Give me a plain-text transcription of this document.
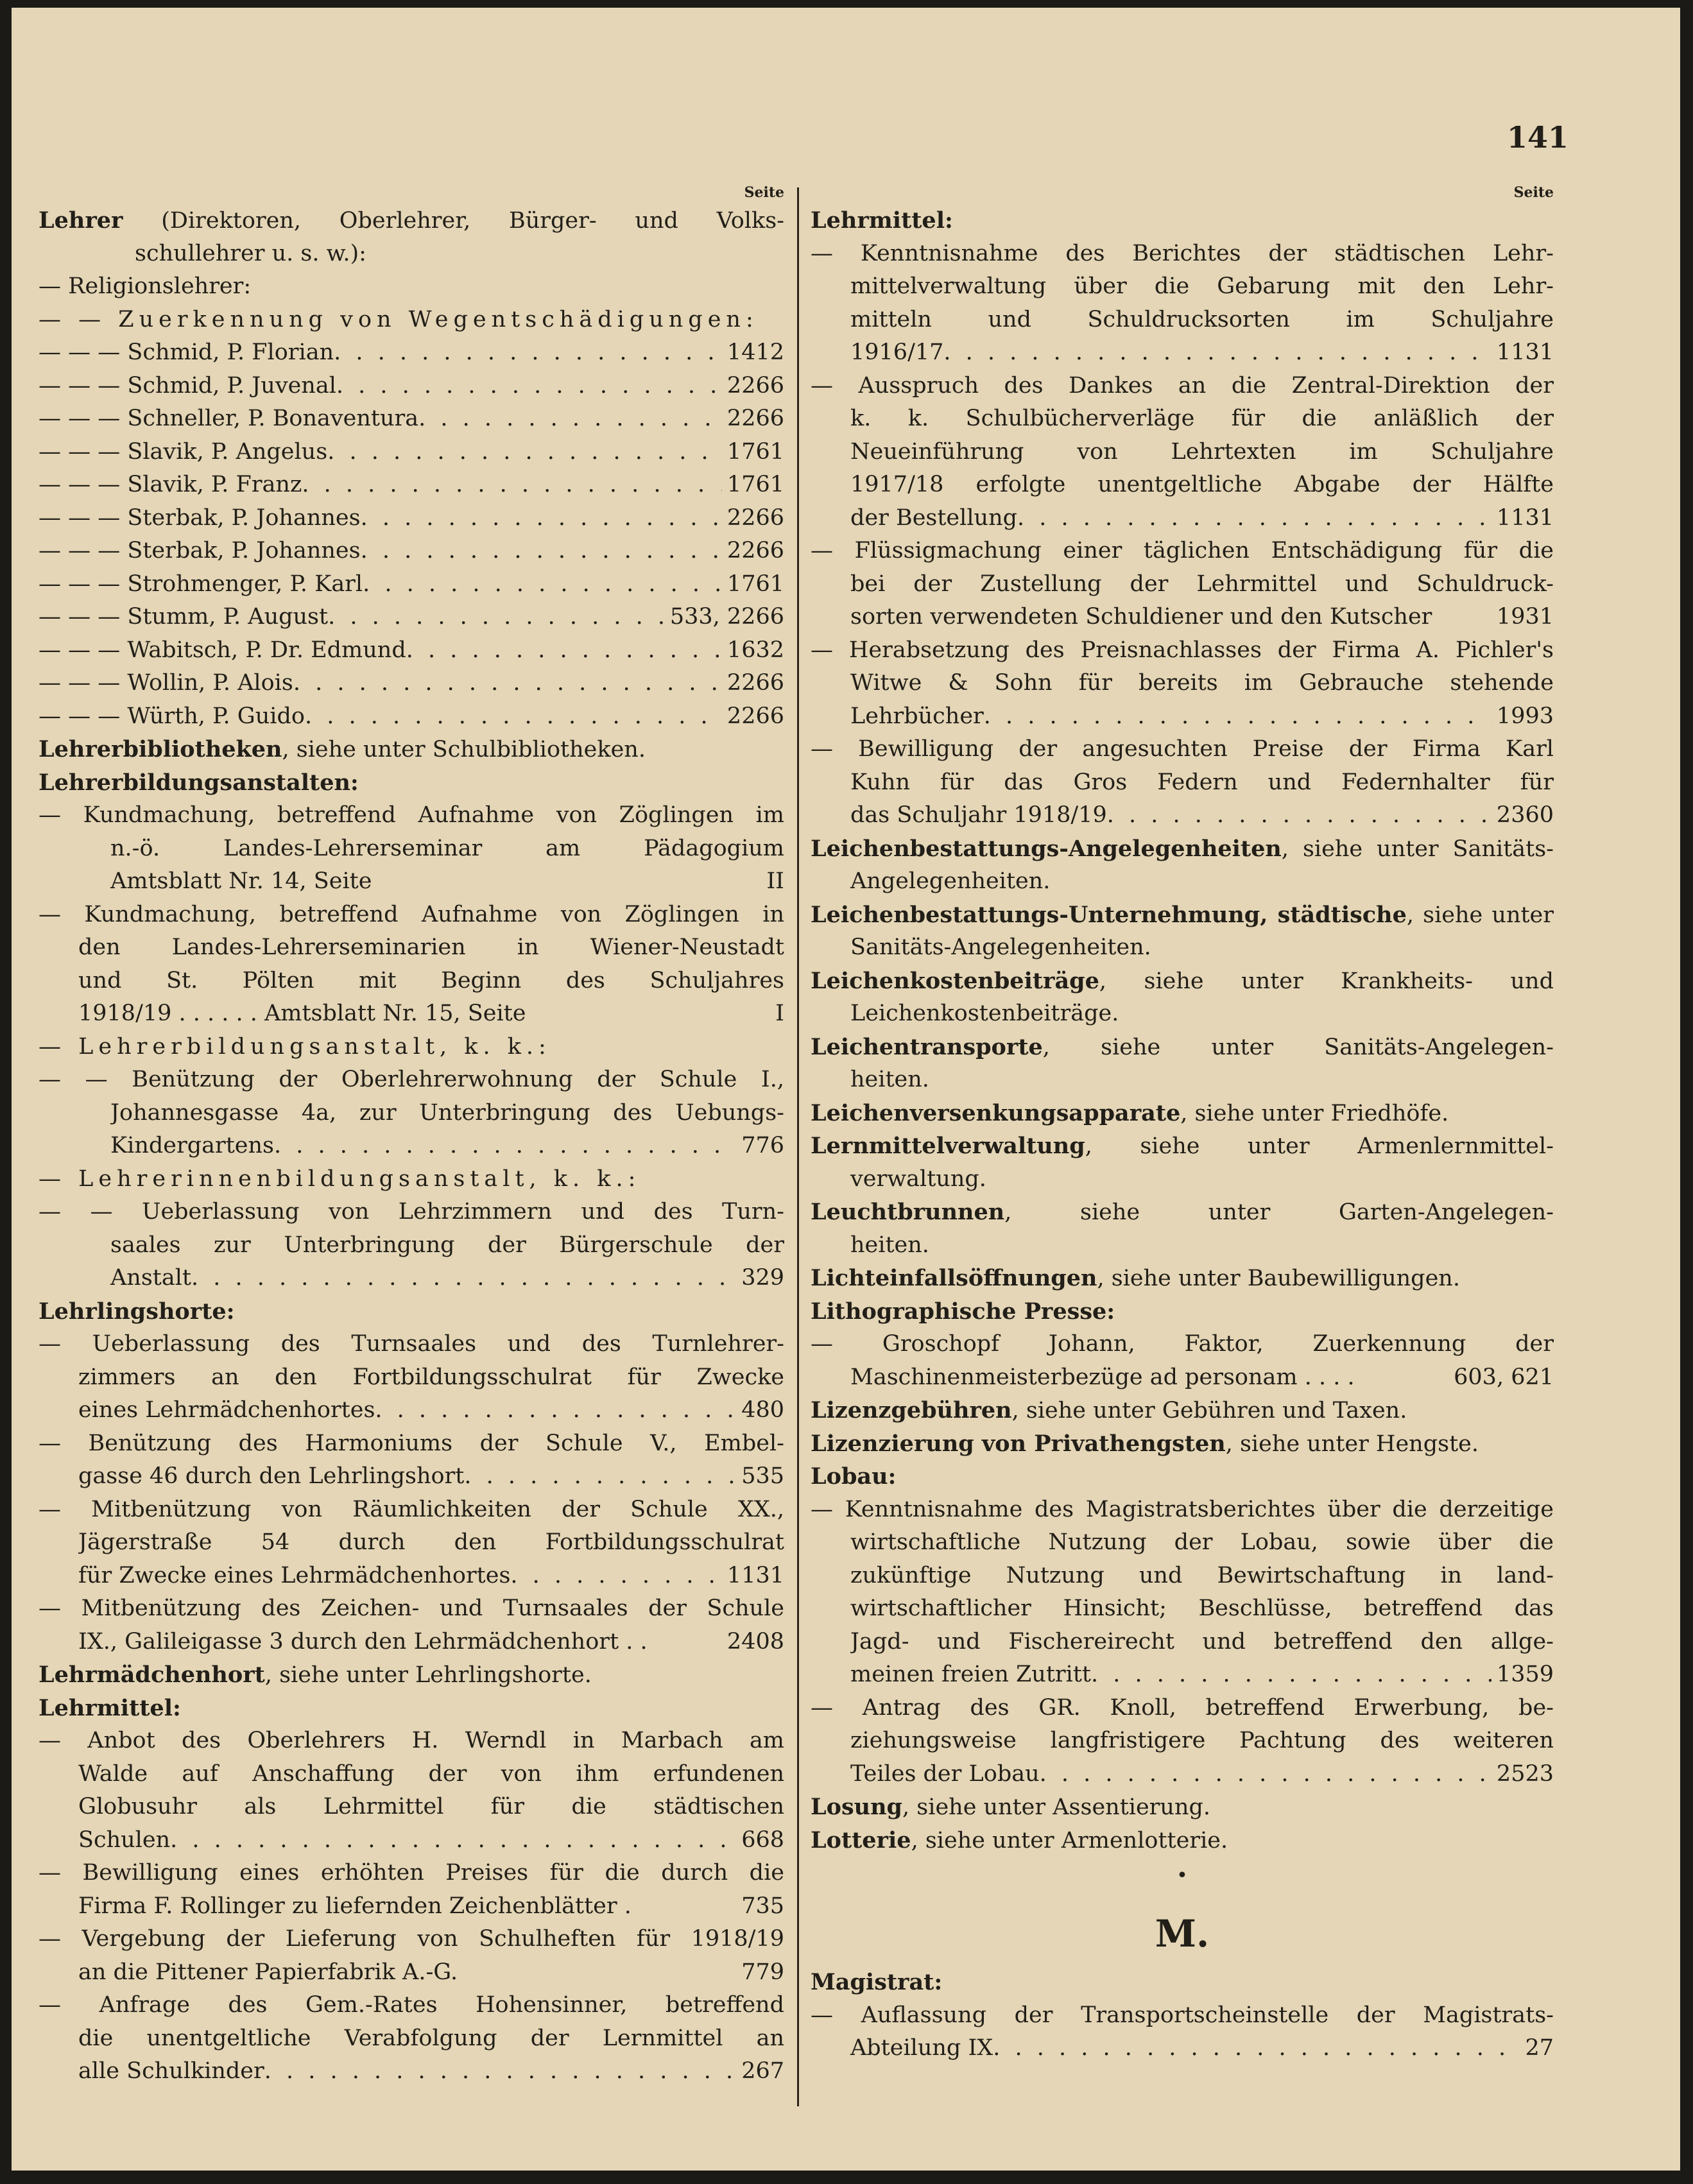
141
Seite
Lehrer (Direktoren, Oberlehrer, Bürger- und Volks-
schullehrer u. s. w.):
— Religionslehrer:
— — Zuerkennung von Wegentschädigungen:
— — — Schmid, P. Florian . . .	1412
— — — Schmid, P. Juvenal . . .	2266
— — — Schneller, P. Bonaventura . . .	2266
— — — Slavik, P. Angelus . . .	1761
— — — Slavik, P. Franz . . .	1761
— — — Sterbak, P. Johannes . . .	2266
— — — Sterbak, P. Johannes . . .	2266
— — — Strohmenger, P. Karl . . .	1761
— — — Stumm, P. August . . .	533, 2266
— — — Wabitsch, P. Dr. Edmund . . .	1632
— — — Wollin, P. Alois . . .	2266
— — — Würth, P. Guido . . .	2266
Lehrerbibliotheken, siehe unter Schulbibliotheken.
Lehrerbildungsanstalten:
— Kundmachung, betreffend Aufnahme von Zöglingen im
n.-ö. Landes-Lehrerseminar am Pädagogium
Amtsblatt Nr. 14, Seite	II
— Kundmachung, betreffend Aufnahme von Zöglingen in
den Landes-Lehrerseminarien in Wiener-Neustadt
und St. Pölten mit Beginn des Schuljahres
1918/19 . . . . . . Amtsblatt Nr. 15, Seite	I
— Lehrerbildungsanstalt, k. k.:
— — Benützung der Oberlehrerwohnung der Schule I.,
Johannesgasse 4a, zur Unterbringung des Uebungs-
Kindergartens . . .	776
— Lehrerinnenbildungsanstalt, k. k.:
— — Ueberlassung von Lehrzimmern und des Turn-
saales zur Unterbringung der Bürgerschule der
Anstalt . . .	329
Lehrlingshorte:
— Ueberlassung des Turnsaales und des Turnlehrer-
zimmers an den Fortbildungsschulrat für Zwecke
eines Lehrmädchenhortes . . .	480
— Benützung des Harmoniums der Schule V., Embel-
gasse 46 durch den Lehrlingshort . . .	535
— Mitbenützung von Räumlichkeiten der Schule XX.,
Jägerstraße 54 durch den Fortbildungsschulrat
für Zwecke eines Lehrmädchenhortes . . .	1131
— Mitbenützung des Zeichen- und Turnsaales der Schule
IX., Galileigasse 3 durch den Lehrmädchenhort . .	2408
Lehrmädchenhort, siehe unter Lehrlingshorte.
Lehrmittel:
— Anbot des Oberlehrers H. Werndl in Marbach am
Walde auf Anschaffung der von ihm erfundenen
Globusuhr als Lehrmittel für die städtischen
Schulen . . .	668
— Bewilligung eines erhöhten Preises für die durch die
Firma F. Rollinger zu liefernden Zeichenblätter .	735
— Vergebung der Lieferung von Schulheften für 1918/19
an die Pittener Papierfabrik A.-G.	779
— Anfrage des Gem.-Rates Hohensinner, betreffend
die unentgeltliche Verabfolgung der Lernmittel an
alle Schulkinder . . .	267
Seite
Lehrmittel:
— Kenntnisnahme des Berichtes der städtischen Lehr-
mittelverwaltung über die Gebarung mit den Lehr-
mitteln und Schuldrucksorten im Schuljahre
1916/17 . . .	1131
— Ausspruch des Dankes an die Zentral-Direktion der
k. k. Schulbücherverläge für die anläßlich der
Neueinführung von Lehrtexten im Schuljahre
1917/18 erfolgte unentgeltliche Abgabe der Hälfte
der Bestellung . . .	1131
— Flüssigmachung einer täglichen Entschädigung für die
bei der Zustellung der Lehrmittel und Schuldruck-
sorten verwendeten Schuldiener und den Kutscher	1931
— Herabsetzung des Preisnachlasses der Firma A. Pichler's
Witwe & Sohn für bereits im Gebrauche stehende
Lehrbücher . . .	1993
— Bewilligung der angesuchten Preise der Firma Karl
Kuhn für das Gros Federn und Federnhalter für
das Schuljahr 1918/19 . . .	2360
Leichenbestattungs-Angelegenheiten, siehe unter Sanitäts-
Angelegenheiten.
Leichenbestattungs-Unternehmung, städtische, siehe unter
Sanitäts-Angelegenheiten.
Leichenkostenbeiträge, siehe unter Krankheits- und
Leichenkostenbeiträge.
Leichentransporte, siehe unter Sanitäts-Angelegen-
heiten.
Leichenversenkungsapparate, siehe unter Friedhöfe.
Lernmittelverwaltung, siehe unter Armenlernmittel-
verwaltung.
Leuchtbrunnen, siehe unter Garten-Angelegen-
heiten.
Lichteinfallsöffnungen, siehe unter Baubewilligungen.
Lithographische Presse:
— Groschopf Johann, Faktor, Zuerkennung der
Maschinenmeisterbezüge ad personam . . . .	603, 621
Lizenzgebühren, siehe unter Gebühren und Taxen.
Lizenzierung von Privathengsten, siehe unter Hengste.
Lobau:
— Kenntnisnahme des Magistratsberichtes über die derzeitige
wirtschaftliche Nutzung der Lobau, sowie über die
zukünftige Nutzung und Bewirtschaftung in land-
wirtschaftlicher Hinsicht; Beschlüsse, betreffend das
Jagd- und Fischereirecht und betreffend den allge-
meinen freien Zutritt . . .	1359
— Antrag des GR. Knoll, betreffend Erwerbung, be-
ziehungsweise langfristigere Pachtung des weiteren
Teiles der Lobau . . .	2523
Losung, siehe unter Assentierung.
Lotterie, siehe unter Armenlotterie.
•
M.
Magistrat:
— Auflassung der Transportscheinstelle der Magistrats-
Abteilung IX . . .	27
